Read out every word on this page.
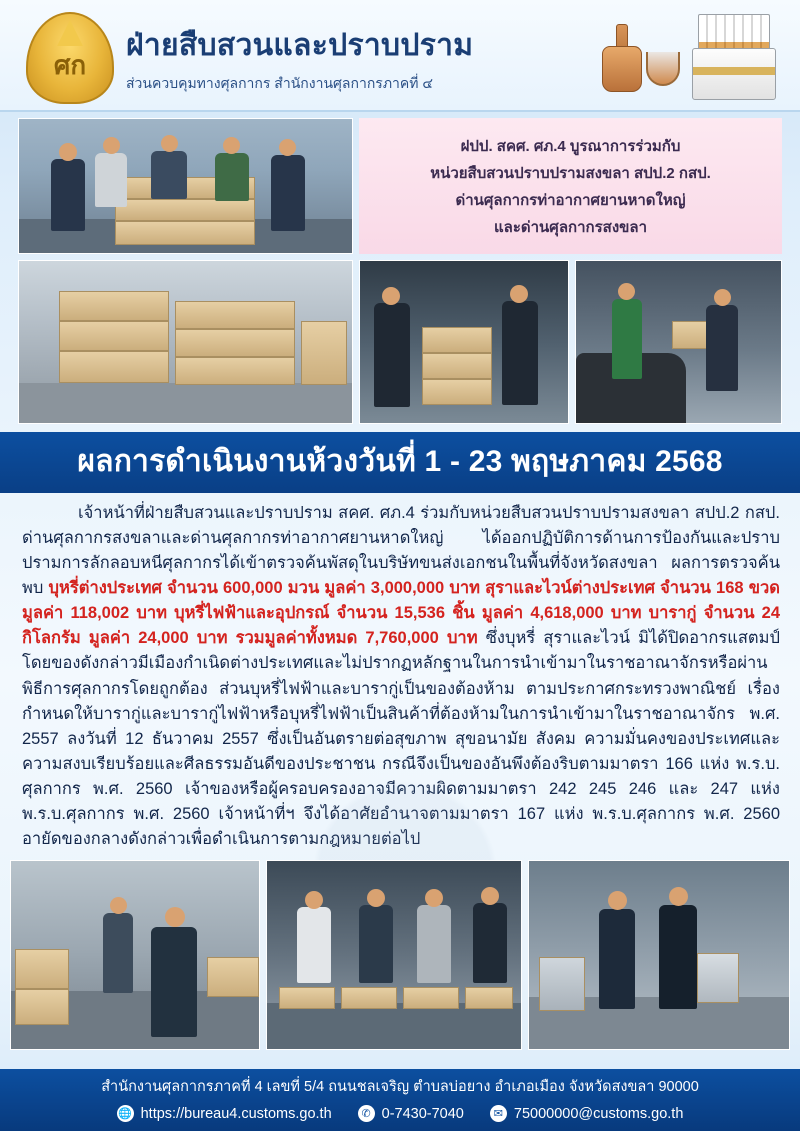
ศก
ฝ่ายสืบสวนและปราบปราม
ส่วนควบคุมทางศุลกากร สำนักงานศุลกากรภาคที่ ๔
ฝปป. สคศ. ศภ.4 บูรณาการร่วมกับ
หน่วยสืบสวนปราบปรามสงขลา สปป.2 กสป.
ด่านศุลกากรท่าอากาศยานหาดใหญ่
และด่านศุลกากรสงขลา
ผลการดำเนินงานห้วงวันที่ 1 - 23 พฤษภาคม 2568

เจ้าหน้าที่ฝ่ายสืบสวนและปราบปราม สคศ. ศภ.4 ร่วมกับหน่วยสืบสวนปราบปรามสงขลา สปป.2 กสป. ด่านศุลกากรสงขลาและด่านศุลกากรท่าอากาศยานหาดใหญ่ ได้ออกปฏิบัติการด้านการป้องกันและปราบปรามการลักลอบหนีศุลกากรได้เข้าตรวจค้นพัสดุในบริษัทขนส่งเอกชนในพื้นที่จังหวัดสงขลา ผลการตรวจค้นพบ บุหรี่ต่างประเทศ จำนวน 600,000 มวน มูลค่า 3,000,000 บาท สุราและไวน์ต่างประเทศ จำนวน 168 ขวด มูลค่า 118,002 บาท บุหรี่ไฟฟ้าและอุปกรณ์ จำนวน 15,536 ชิ้น มูลค่า 4,618,000 บาท บารากู่ จำนวน 24 กิโลกรัม มูลค่า 24,000 บาท รวมมูลค่าทั้งหมด 7,760,000 บาท ซึ่งบุหรี่ สุราและไวน์ มิได้ปิดอากรแสตมป์ โดยของดังกล่าวมีเมืองกำเนิดต่างประเทศและไม่ปรากฏหลักฐานในการนำเข้ามาในราชอาณาจักรหรือผ่านพิธีการศุลกากรโดยถูกต้อง ส่วนบุหรี่ไฟฟ้าและบารากู่เป็นของต้องห้าม ตามประกาศกระทรวงพาณิชย์ เรื่อง กำหนดให้บารากู่และบารากู่ไฟฟ้าหรือบุหรี่ไฟฟ้าเป็นสินค้าที่ต้องห้ามในการนำเข้ามาในราชอาณาจักร พ.ศ. 2557 ลงวันที่ 12 ธันวาคม 2557 ซึ่งเป็นอันตรายต่อสุขภาพ สุขอนามัย สังคม ความมั่นคงของประเทศและความสงบเรียบร้อยและศีลธรรมอันดีของประชาชน กรณีจึงเป็นของอันพึงต้องริบตามมาตรา 166 แห่ง พ.ร.บ. ศุลกากร พ.ศ. 2560 เจ้าของหรือผู้ครอบครองอาจมีความผิดตามมาตรา 242 245 246 และ 247 แห่ง พ.ร.บ.ศุลกากร พ.ศ. 2560 เจ้าหน้าที่ฯ จึงได้อาศัยอำนาจตามมาตรา 167 แห่ง พ.ร.บ.ศุลกากร พ.ศ. 2560 อายัดของกลางดังกล่าวเพื่อดำเนินการตามกฎหมายต่อไป

สำนักงานศุลกากรภาคที่ 4 เลขที่ 5/4 ถนนชลเจริญ ตำบลบ่อยาง อำเภอเมือง จังหวัดสงขลา 90000
🌐 https://bureau4.customs.go.th	✆ 0-7430-7040	✉ 75000000@customs.go.th
